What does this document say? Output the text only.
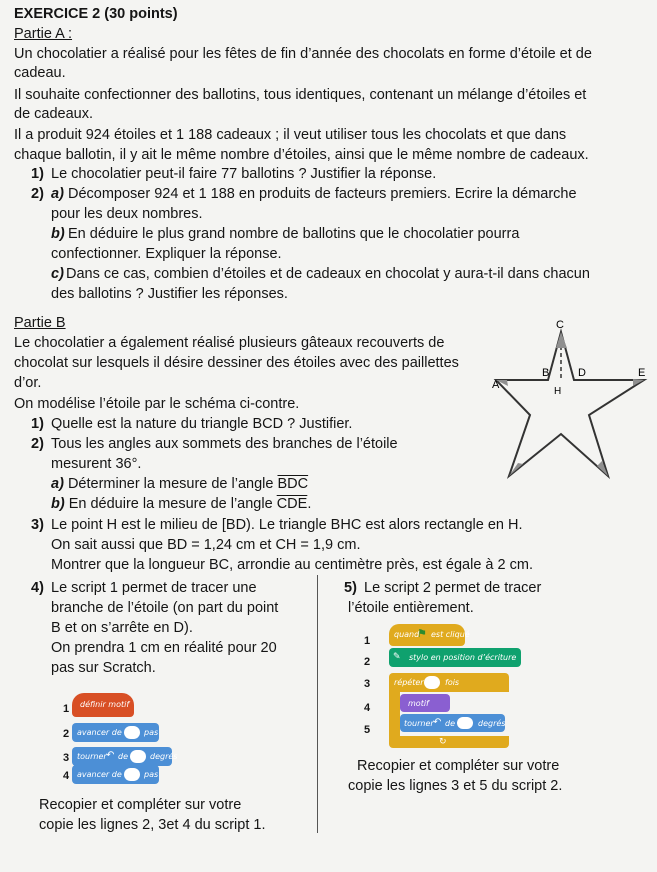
EXERCICE 2 (30 points)
Partie A :
Un chocolatier a réalisé pour les fêtes de fin d’année des chocolats en forme d’étoile et de
cadeau.
Il souhaite confectionner des ballotins, tous identiques, contenant un mélange d’étoiles et
de cadeaux.
Il a produit 924 étoiles et 1 188 cadeaux ; il veut utiliser tous les chocolats et que dans
chaque ballotin, il y ait le même nombre d’étoiles, ainsi que le même nombre de cadeaux.
1) Le chocolatier peut-il faire 77 ballotins ? Justifier la réponse.
2) a) Décomposer 924 et 1 188 en produits de facteurs premiers. Ecrire la démarche
pour les deux nombres.
b) En déduire le plus grand nombre de ballotins que le chocolatier pourra
confectionner. Expliquer la réponse.
c) Dans ce cas, combien d’étoiles et de cadeaux en chocolat y aura-t-il dans chacun
des ballotins ? Justifier les réponses.
Partie B
Le chocolatier a également réalisé plusieurs gâteaux recouverts de
chocolat sur lesquels il désire dessiner des étoiles avec des paillettes
d’or.
On modélise l’étoile par le schéma ci-contre.
1) Quelle est la nature du triangle BCD ? Justifier.
2) Tous les angles aux sommets des branches de l’étoile
mesurent 36°.
a) Déterminer la mesure de l’angle $\overline{BDC}$
b) En déduire la mesure de l’angle $\overline{CDE}$.
3) Le point H est le milieu de [BD). Le triangle BHC est alors rectangle en H.
On sait aussi que BD = 1,24 cm et CH = 1,9 cm.
Montrer que la longueur BC, arrondie au centimètre près, est égale à 2 cm.
C
A
B	D	E
H
4) Le script 1 permet de tracer une
branche de l’étoile (on part du point
B et on s’arrête en D).
On prendra 1 cm en réalité pour 20
pas sur Scratch.
1 définir motif
2 avancer de	pas
3 tourner ↶ de	degrés
4 avancer de	pas
Recopier et compléter sur votre
copie les lignes 2, 3et 4 du script 1.
5) Le script 2 permet de tracer
l’étoile entièrement.
1
quand
⚑ est cliqué
2	✎ stylo en position d’écriture
3	répéter	fois
↻
4	motif
5
tourner ↶ de	degrés
Recopier et compléter sur votre
copie les lignes 3 et 5 du script 2.
